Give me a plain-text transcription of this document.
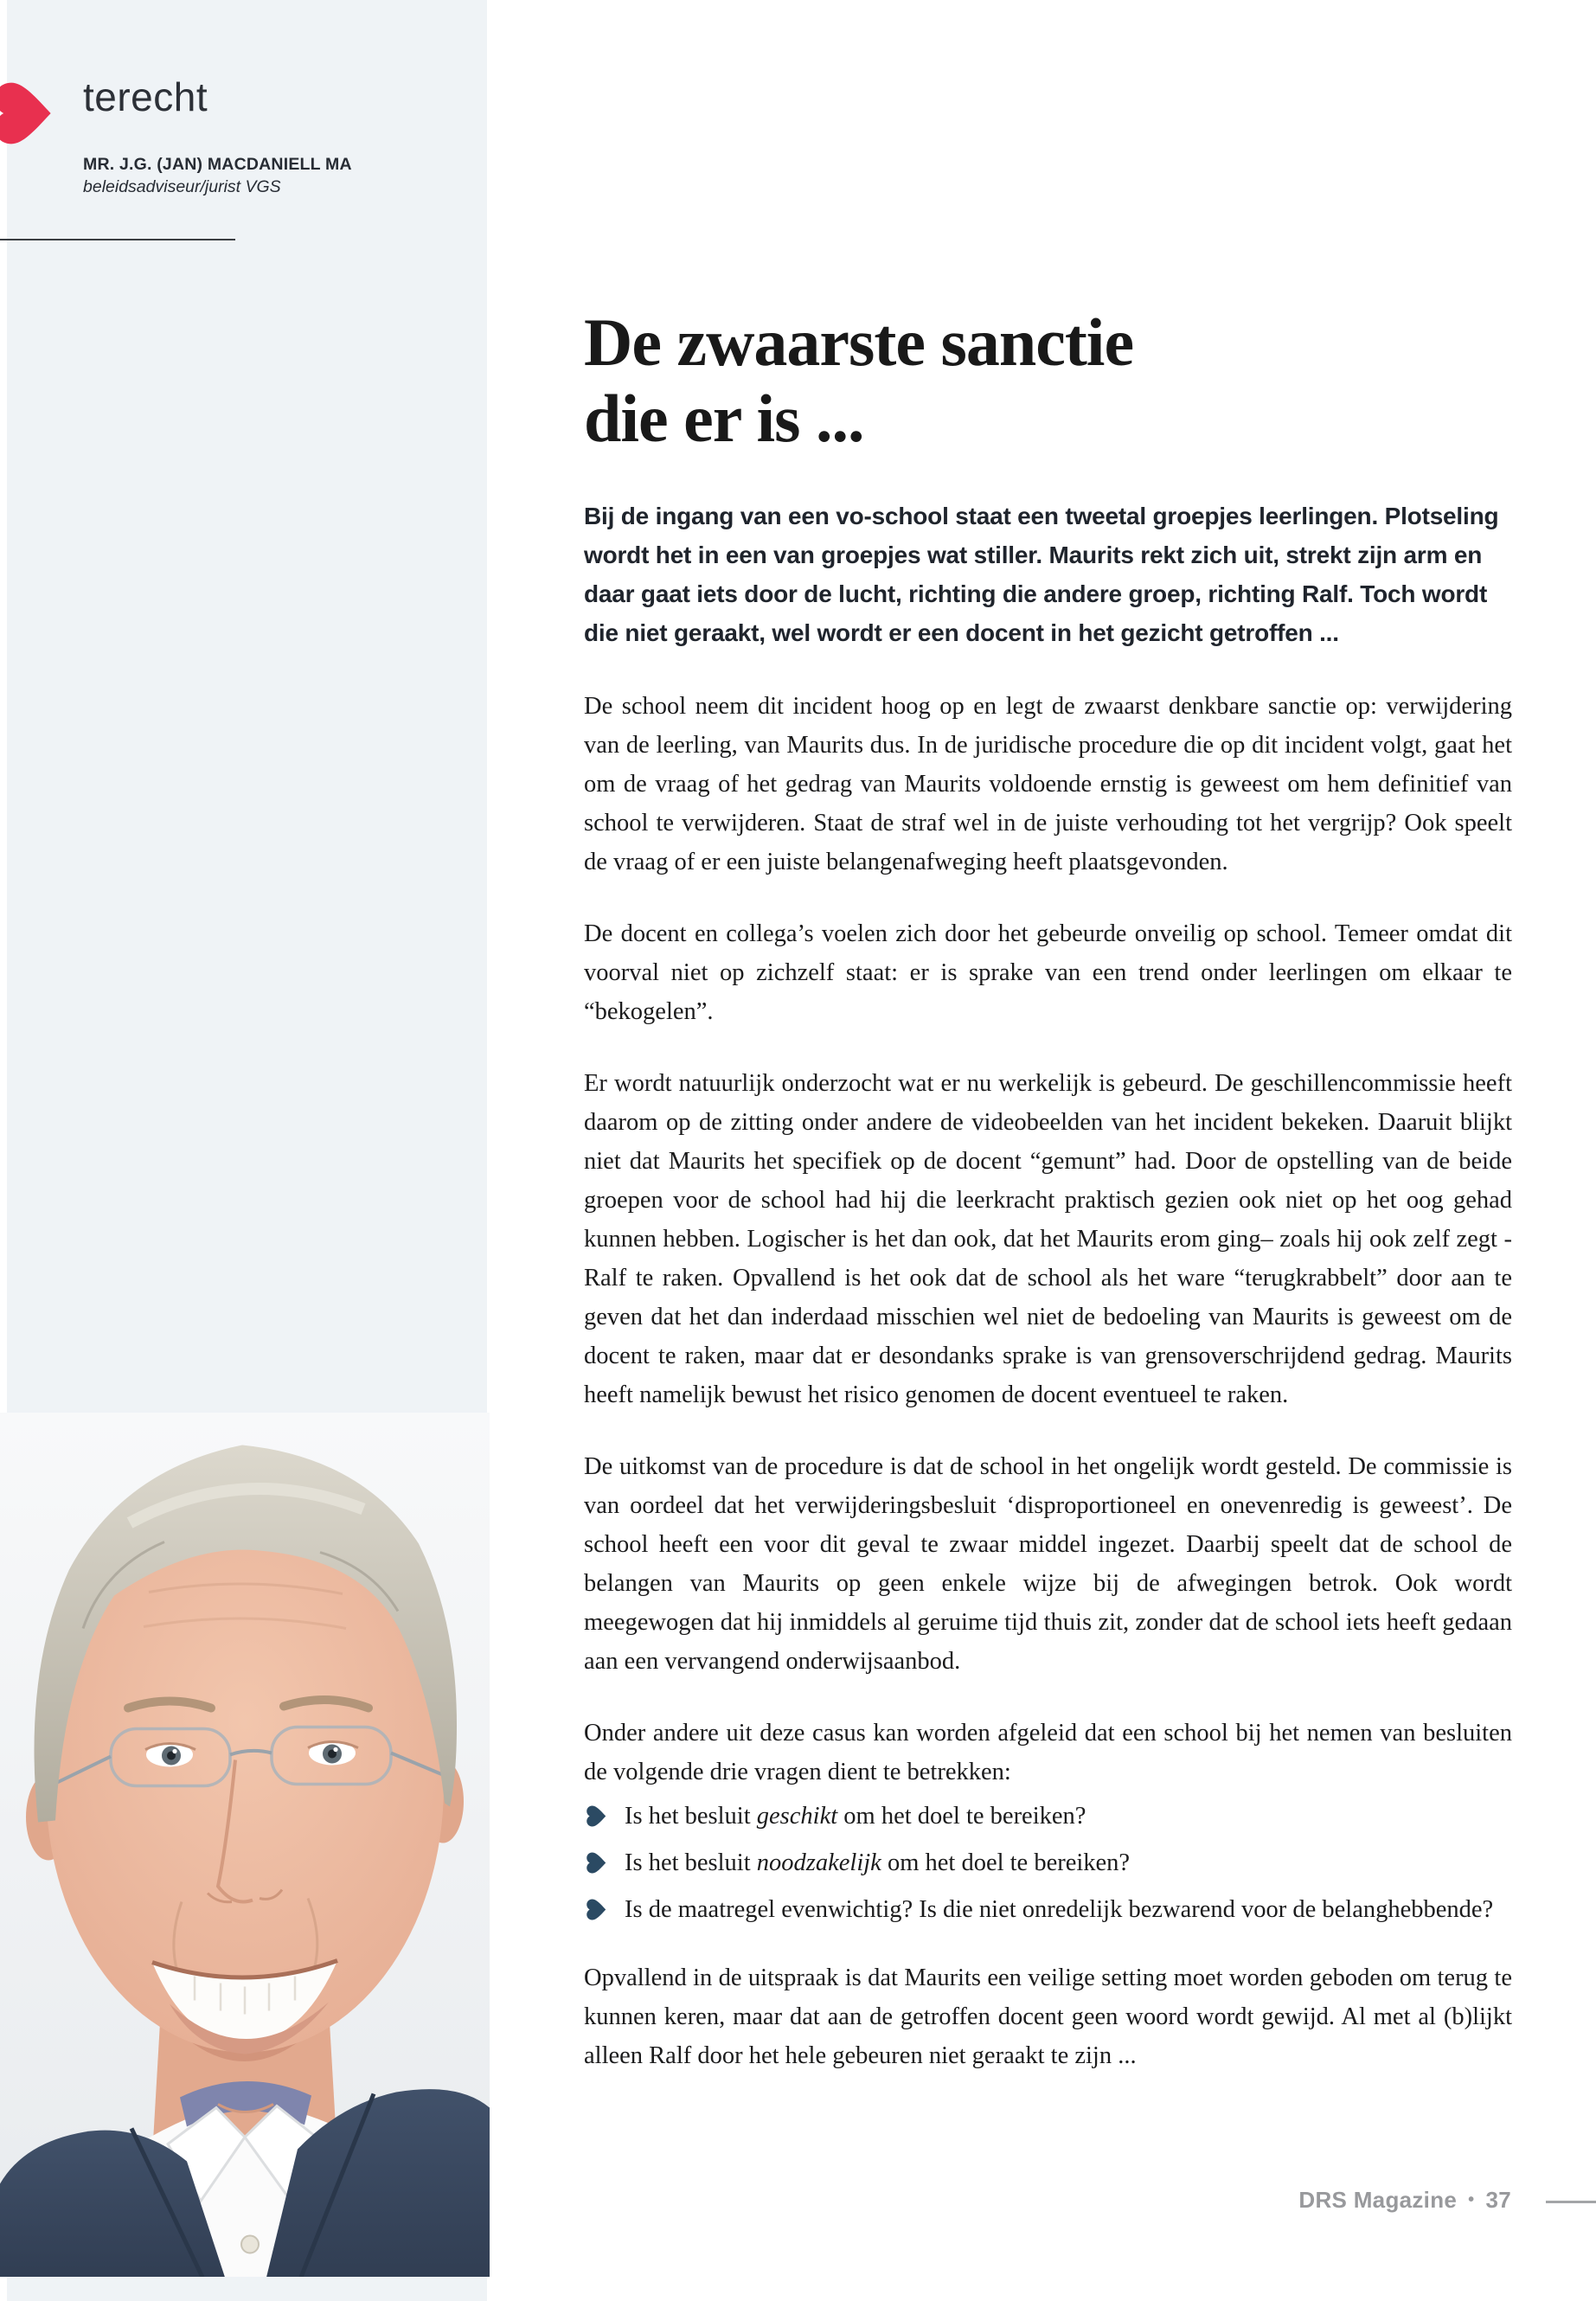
terecht
MR. J.G. (JAN) MACDANIELL MA
beleidsadviseur/jurist VGS
De zwaarste sanctie
die er is ...

Bij de ingang van een vo-school staat een tweetal groepjes leerlingen. Plotseling wordt het in een van groepjes wat stiller. Maurits rekt zich uit, strekt zijn arm en daar gaat iets door de lucht, richting die andere groep, richting Ralf. Toch wordt die niet geraakt, wel wordt er een docent in het gezicht getroffen ...

De school neem dit incident hoog op en legt de zwaarst denkbare sanctie op: verwijdering van de leerling, van Maurits dus. In de juridische procedure die op dit incident volgt, gaat het om de vraag of het gedrag van Maurits voldoende ernstig is geweest om hem definitief van school te verwijderen. Staat de straf wel in de juiste verhouding tot het vergrijp? Ook speelt de vraag of er een juiste belangenafweging heeft plaatsgevonden.

De docent en collega’s voelen zich door het gebeurde onveilig op school. Temeer omdat dit voorval niet op zichzelf staat: er is sprake van een trend onder leerlingen om elkaar te “bekogelen”.

Er wordt natuurlijk onderzocht wat er nu werkelijk is gebeurd. De geschillencommissie heeft daarom op de zitting onder andere de videobeelden van het incident bekeken. Daaruit blijkt niet dat Maurits het specifiek op de docent “gemunt” had. Door de opstelling van de beide groepen voor de school had hij die leerkracht praktisch gezien ook niet op het oog gehad kunnen hebben. Logischer is het dan ook, dat het Maurits erom ging– zoals hij ook zelf zegt - Ralf te raken. Opvallend is het ook dat de school als het ware “terugkrabbelt” door aan te geven dat het dan inderdaad misschien wel niet de bedoeling van Maurits is geweest om de docent te raken, maar dat er desondanks sprake is van grensoverschrijdend gedrag. Maurits heeft namelijk bewust het risico genomen de docent eventueel te raken.

De uitkomst van de procedure is dat de school in het ongelijk wordt gesteld. De commissie is van oordeel dat het verwijderingsbesluit ‘disproportioneel en onevenredig is geweest’. De school heeft een voor dit geval te zwaar middel ingezet. Daarbij speelt dat de school de belangen van Maurits op geen enkele wijze bij de afwegingen betrok. Ook wordt meegewogen dat hij inmiddels al geruime tijd thuis zit, zonder dat de school iets heeft gedaan aan een vervangend onderwijsaanbod.

Onder andere uit deze casus kan worden afgeleid dat een school bij het nemen van besluiten de volgende drie vragen dient te betrekken:

Is het besluit geschikt om het doel te bereiken?
Is het besluit noodzakelijk om het doel te bereiken?
Is de maatregel evenwichtig? Is die niet onredelijk bezwarend voor de belanghebbende?

Opvallend in de uitspraak is dat Maurits een veilige setting moet worden geboden om terug te kunnen keren, maar dat aan de getroffen docent geen woord wordt gewijd. Al met al (b)lijkt alleen Ralf door het hele gebeuren niet geraakt te zijn ...

DRS Magazine • 37
